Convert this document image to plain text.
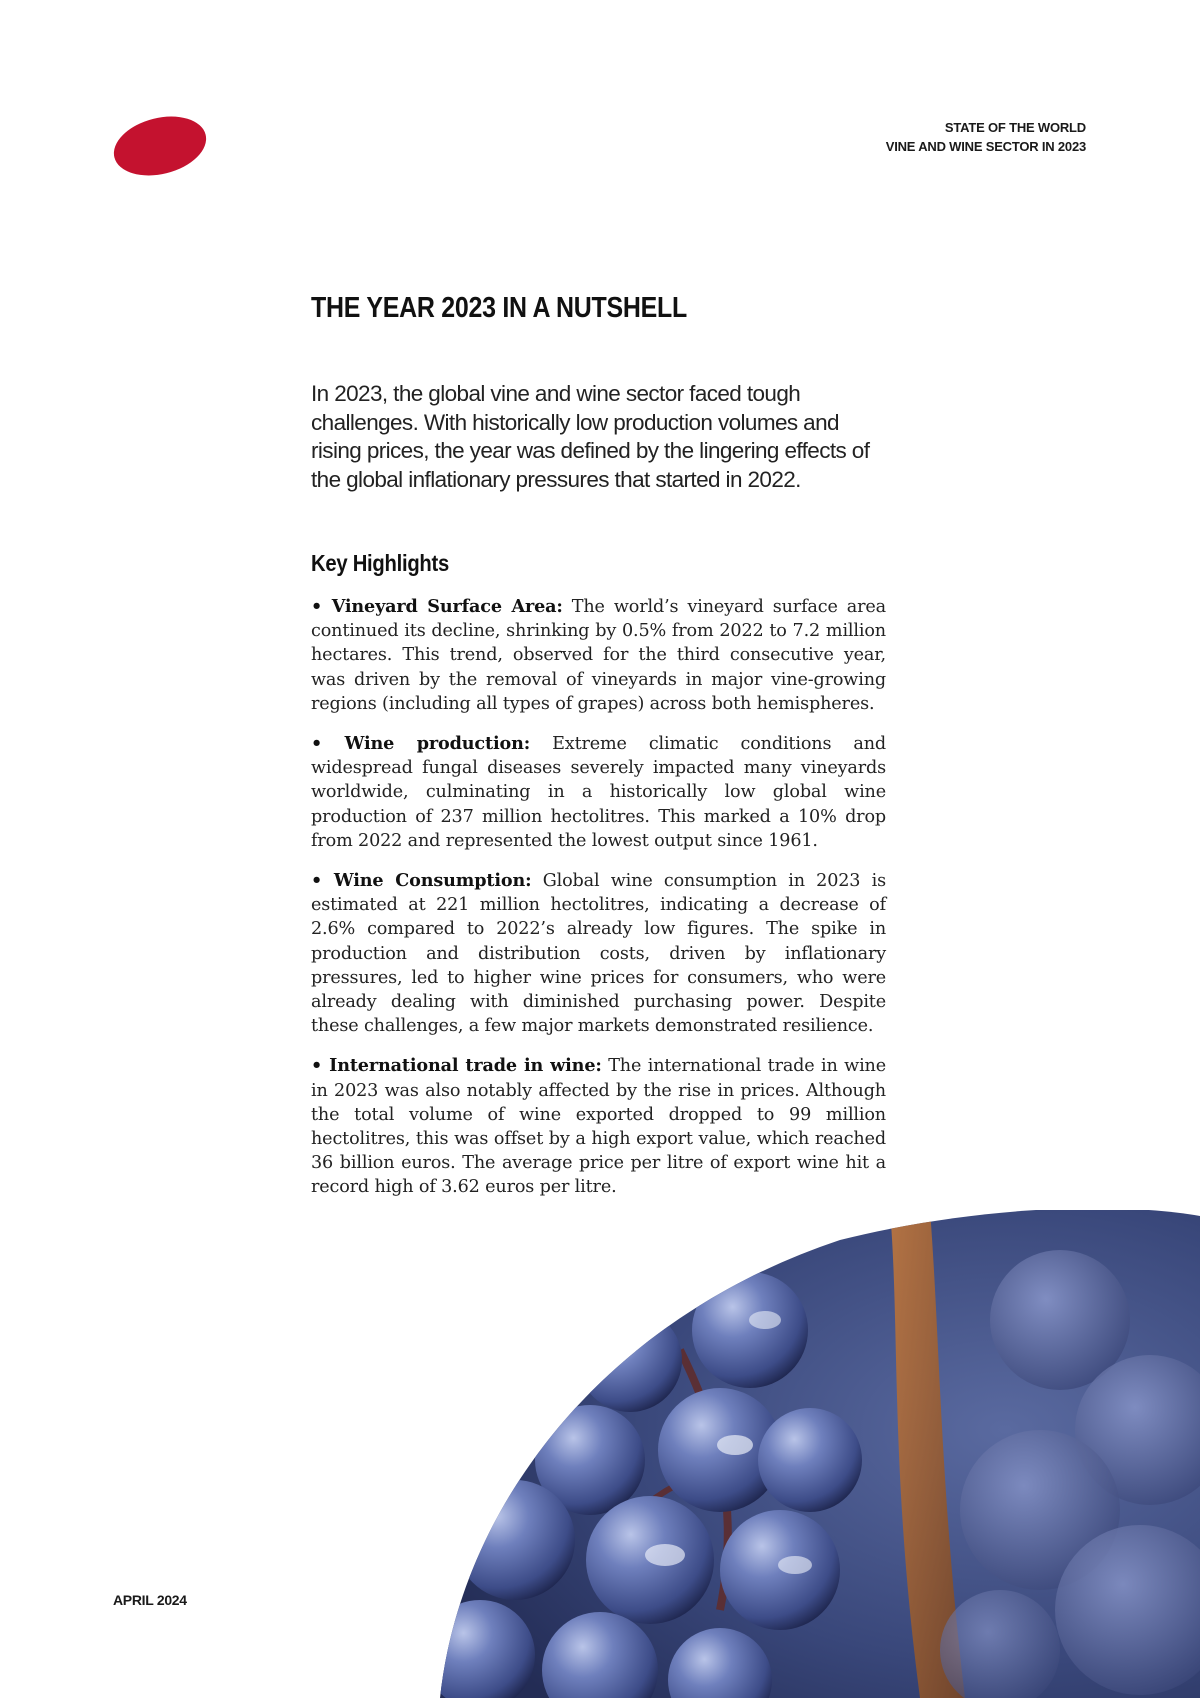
STATE OF THE WORLD
VINE AND WINE SECTOR IN 2023
THE YEAR 2023 IN A NUTSHELL

In 2023, the global vine and wine sector faced tough challenges. With historically low production volumes and rising prices, the year was defined by the lingering effects of the global inflationary pressures that started in 2022.

Key Highlights

• Vineyard Surface Area: The world’s vineyard surface area continued its decline, shrinking by 0.5% from 2022 to 7.2 million hectares. This trend, observed for the third consecutive year, was driven by the removal of vineyards in major vine-growing regions (including all types of grapes) across both hemispheres.

• Wine production: Extreme climatic conditions and widespread fungal diseases severely impacted many vineyards worldwide, culminating in a historically low global wine production of 237 million hectolitres. This marked a 10% drop from 2022 and represented the lowest output since 1961.

• Wine Consumption: Global wine consumption in 2023 is estimated at 221 million hectolitres, indicating a decrease of 2.6% compared to 2022’s already low figures. The spike in production and distribution costs, driven by inflationary pressures, led to higher wine prices for consumers, who were already dealing with diminished purchasing power. Despite these challenges, a few major markets demonstrated resilience.

• International trade in wine: The international trade in wine in 2023 was also notably affected by the rise in prices. Although the total volume of wine exported dropped to 99 million hectolitres, this was offset by a high export value, which reached 36 billion euros. The average price per litre of export wine hit a record high of 3.62 euros per litre.

APRIL 2024
